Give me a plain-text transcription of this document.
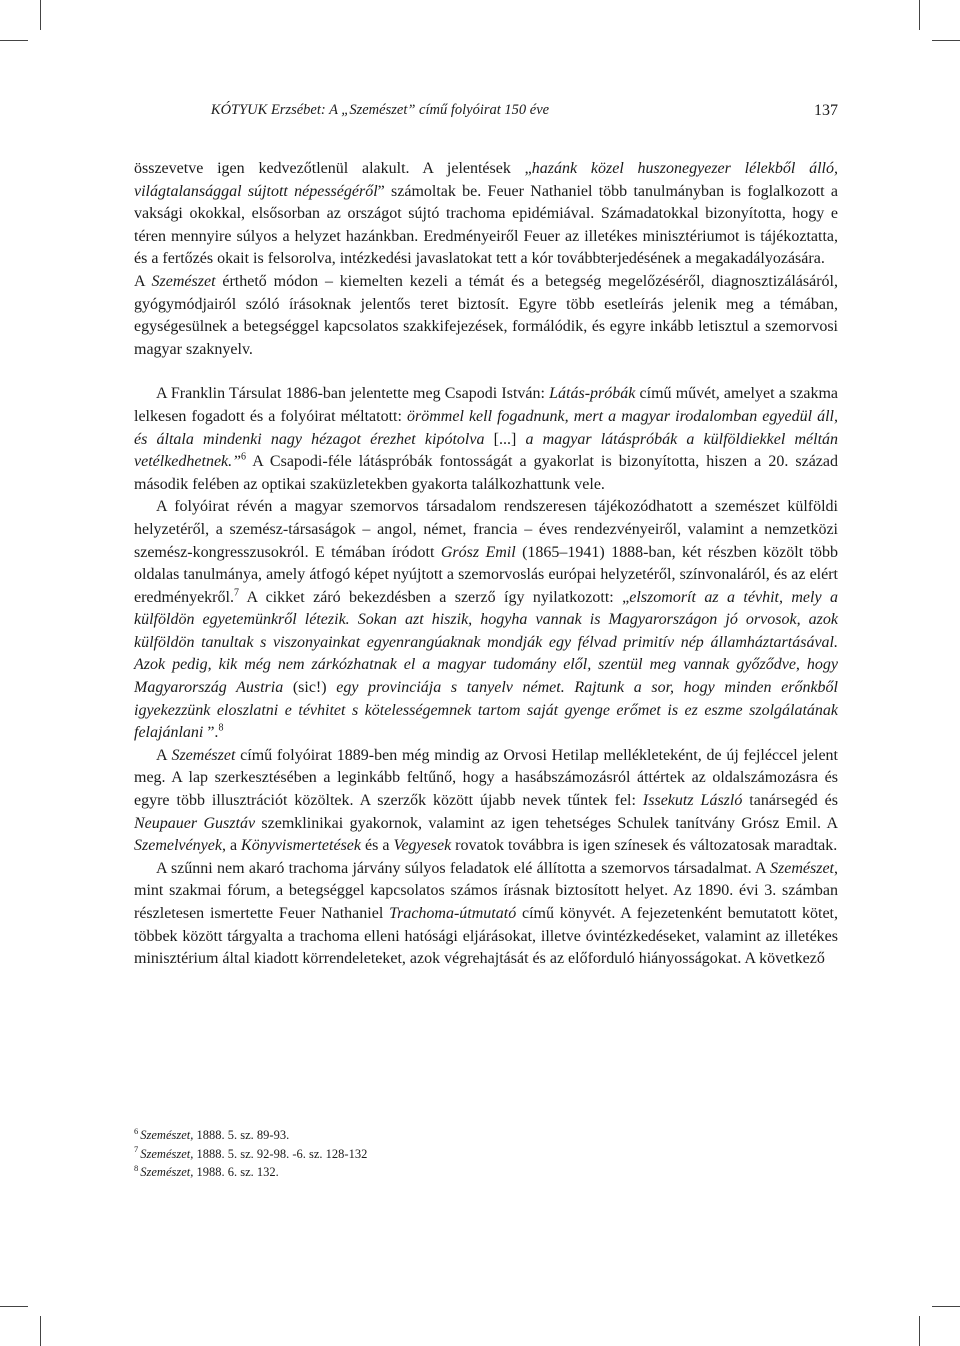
KÓTYUK Erzsébet: A „Szemészet” című folyóirat 150 éve	137

összevetve igen kedvezőtlenül alakult. A jelentések „hazánk közel huszonegyezer lélekből álló, világtalansággal sújtott népességéről” számoltak be. Feuer Nathaniel több tanulmányban is foglalkozott a vaksági okokkal, elsősorban az országot sújtó trachoma epidémiával. Számadatokkal bizonyította, hogy e téren mennyire súlyos a helyzet hazánkban. Eredményeiről Feuer az illetékes minisztériumot is tájékoztatta, és a fertőzés okait is felsorolva, intézkedési javaslatokat tett a kór továbbterjedésének a megakadályozására.

A Szemészet érthető módon – kiemelten kezeli a témát és a betegség megelőzéséről, diagnosztizálásáról, gyógymódjairól szóló írásoknak jelentős teret biztosít. Egyre több esetleírás jelenik meg a témában, egységesülnek a betegséggel kapcsolatos szakkifejezések, formálódik, és egyre inkább letisztul a szemorvosi magyar szaknyelv.

A Franklin Társulat 1886-ban jelentette meg Csapodi István: Látás-próbák című művét, amelyet a szakma lelkesen fogadott és a folyóirat méltatott: örömmel kell fogadnunk, mert a magyar irodalomban egyedül áll, és általa mindenki nagy hézagot érezhet kipótolva [...] a magyar látáspróbák a külföldiekkel méltán vetélkedhetnek.”$^6$ A Csapodi-féle látáspróbák fontosságát a gyakorlat is bizonyította, hiszen a 20. század második felében az optikai szaküzletekben gyakorta találkozhattunk vele.

A folyóirat révén a magyar szemorvos társadalom rendszeresen tájékozódhatott a szemészet külföldi helyzetéről, a szemész-társaságok – angol, német, francia – éves rendezvényeiről, valamint a nemzetközi szemész-kongresszusokról. E témában íródott Grósz Emil (1865–1941) 1888-ban, két részben közölt több oldalas tanulmánya, amely átfogó képet nyújtott a szemorvoslás európai helyzetéről, színvonaláról, és az elért eredményekről.$^7$ A cikket záró bekezdésben a szerző így nyilatkozott: „elszomorít az a tévhit, mely a külföldön egyetemünkről létezik. Sokan azt hiszik, hogyha vannak is Magyarországon jó orvosok, azok külföldön tanultak s viszonyainkat egyenrangúaknak mondják egy félvad primitív nép államháztartásával. Azok pedig, kik még nem zárkózhatnak el a magyar tudomány elől, szentül meg vannak győződve, hogy Magyarország Austria (sic!) egy provinciája s tanyelv német. Rajtunk a sor, hogy minden erőnkből igyekezzünk eloszlatni e tévhitet s kötelességemnek tartom saját gyenge erőmet is ez eszme szolgálatának felajánlani ”.$^8$

A Szemészet című folyóirat 1889-ben még mindig az Orvosi Hetilap mellékleteként, de új fejléccel jelent meg. A lap szerkesztésében a leginkább feltűnő, hogy a hasábszámozásról áttértek az oldalszámozásra és egyre több illusztrációt közöltek. A szerzők között újabb nevek tűntek fel: Issekutz László tanársegéd és Neupauer Gusztáv szemklinikai gyakornok, valamint az igen tehetséges Schulek tanítvány Grósz Emil. A Szemelvények, a Könyvismertetések és a Vegyesek rovatok továbbra is igen színesek és változatosak maradtak.

A szűnni nem akaró trachoma járvány súlyos feladatok elé állította a szemorvos társadalmat. A Szemészet, mint szakmai fórum, a betegséggel kapcsolatos számos írásnak biztosított helyet. Az 1890. évi 3. számban részletesen ismertette Feuer Nathaniel Trachoma-útmutató című könyvét. A fejezetenként bemutatott kötet, többek között tárgyalta a trachoma elleni hatósági eljárásokat, illetve óvintézkedéseket, valamint az illetékes minisztérium által kiadott körrendeleteket, azok végrehajtását és az előforduló hiányosságokat. A következő

$^6$ Szemészet, 1888. 5. sz. 89-93.
$^7$ Szemészet, 1888. 5. sz. 92-98. -6. sz. 128-132
$^8$ Szemészet, 1988. 6. sz. 132.
